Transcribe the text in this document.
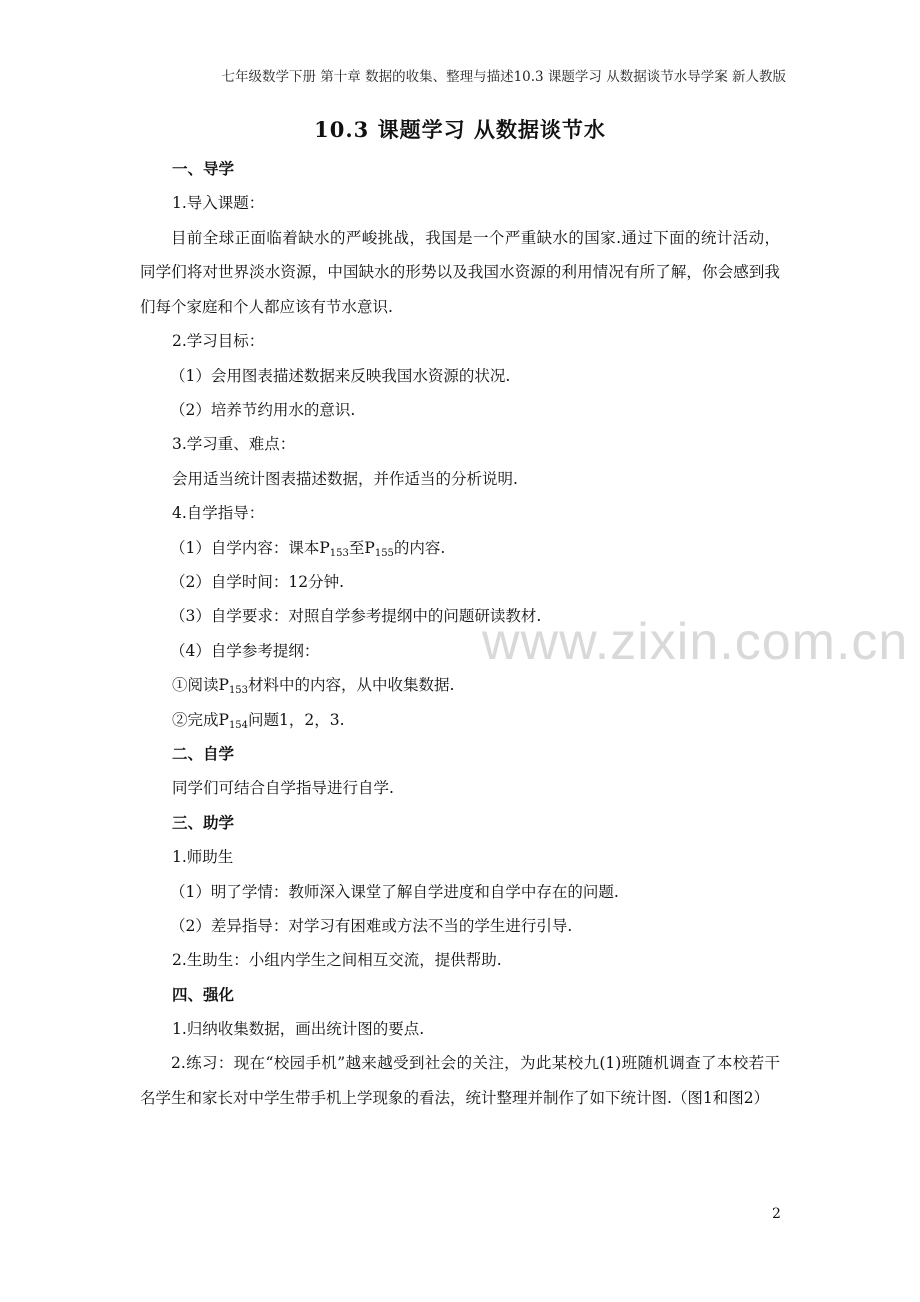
七年级数学下册 第十章 数据的收集、整理与描述10.3 课题学习 从数据谈节水导学案 新人教版
10.3 课题学习 从数据谈节水
一、导学
1.导入课题：
目前全球正面临着缺水的严峻挑战，我国是一个严重缺水的国家.通过下面的统计活动，同学们将对世界淡水资源，中国缺水的形势以及我国水资源的利用情况有所了解，你会感到我们每个家庭和个人都应该有节水意识.
2.学习目标：
（1）会用图表描述数据来反映我国水资源的状况.
（2）培养节约用水的意识.
3.学习重、难点：
会用适当统计图表描述数据，并作适当的分析说明.
4.自学指导：
（1）自学内容：课本$P_{153}$至$P_{155}$的内容.
（2）自学时间：12分钟.
（3）自学要求：对照自学参考提纲中的问题研读教材.
（4）自学参考提纲：
①阅读$P_{153}$材料中的内容，从中收集数据.
②完成$P_{154}$问题1，2，3.
二、自学
同学们可结合自学指导进行自学.
三、助学
1.师助生
（1）明了学情：教师深入课堂了解自学进度和自学中存在的问题.
（2）差异指导：对学习有困难或方法不当的学生进行引导.
2.生助生：小组内学生之间相互交流，提供帮助.
四、强化
1.归纳收集数据，画出统计图的要点.
2.练习：现在“校园手机”越来越受到社会的关注，为此某校九(1)班随机调查了本校若干名学生和家长对中学生带手机上学现象的看法，统计整理并制作了如下统计图.（图1和图2）
www.zixin.com.cn
2
